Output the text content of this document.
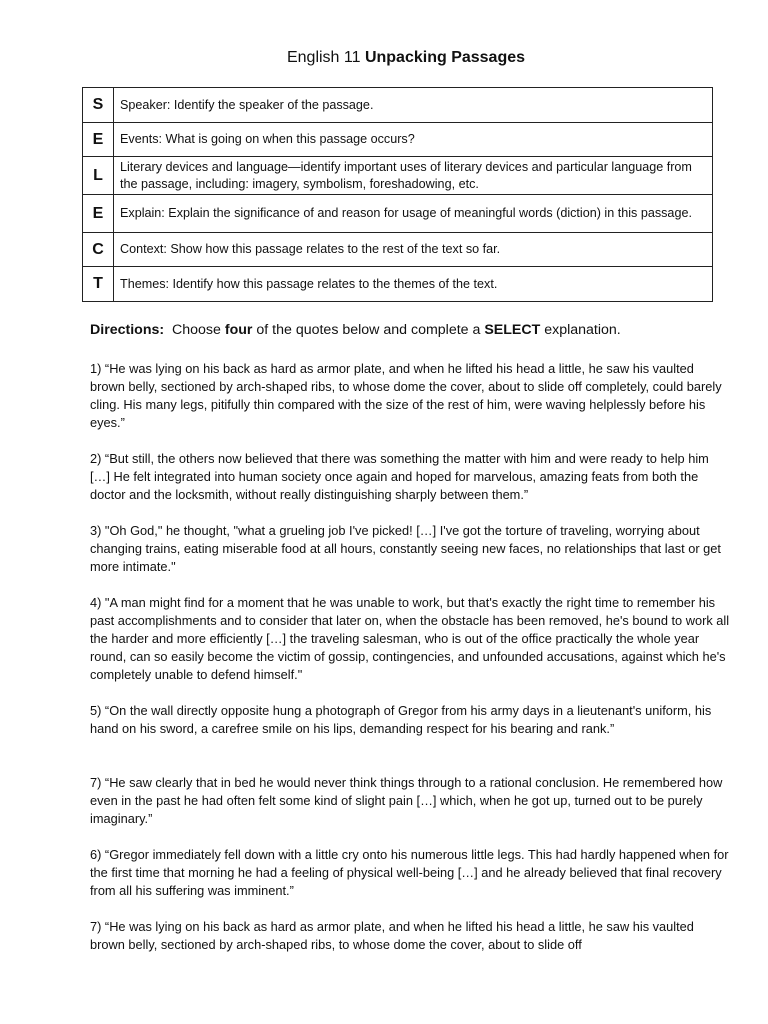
English 11 Unpacking Passages
S	Speaker: Identify the speaker of the passage.
E	Events: What is going on when this passage occurs?
L	Literary devices and language—identify important uses of literary devices and particular language from the passage, including: imagery, symbolism, foreshadowing, etc.
E	Explain: Explain the significance of and reason for usage of meaningful words (diction) in this passage.
C	Context: Show how this passage relates to the rest of the text so far.
T	Themes: Identify how this passage relates to the themes of the text.
Directions:  Choose four of the quotes below and complete a SELECT explanation.

1) “He was lying on his back as hard as armor plate, and when he lifted his head a little, he saw his vaulted brown belly, sectioned by arch-shaped ribs, to whose dome the cover, about to slide off completely, could barely cling. His many legs, pitifully thin compared with the size of the rest of him, were waving helplessly before his eyes.”

2) “But still, the others now believed that there was something the matter with him and were ready to help him […] He felt integrated into human society once again and hoped for marvelous, amazing feats from both the doctor and the locksmith, without really distinguishing sharply between them.”

3) "Oh God," he thought, "what a grueling job I've picked! […] I've got the torture of traveling, worrying about changing trains, eating miserable food at all hours, constantly seeing new faces, no relationships that last or get more intimate."

4) "A man might find for a moment that he was unable to work, but that's exactly the right time to remember his past accomplishments and to consider that later on, when the obstacle has been removed, he's bound to work all the harder and more efficiently […] the traveling salesman, who is out of the office practically the whole year round, can so easily become the victim of gossip, contingencies, and unfounded accusations, against which he's completely unable to defend himself."

5) “On the wall directly opposite hung a photograph of Gregor from his army days in a lieutenant's uniform, his hand on his sword, a carefree smile on his lips, demanding respect for his bearing and rank.”

7) “He saw clearly that in bed he would never think things through to a rational conclusion. He remembered how even in the past he had often felt some kind of slight pain […] which, when he got up, turned out to be purely imaginary.”

6) “Gregor immediately fell down with a little cry onto his numerous little legs. This had hardly happened when for the first time that morning he had a feeling of physical well-being […] and he already believed that final recovery from all his suffering was imminent.”

7) “He was lying on his back as hard as armor plate, and when he lifted his head a little, he saw his vaulted brown belly, sectioned by arch-shaped ribs, to whose dome the cover, about to slide off
